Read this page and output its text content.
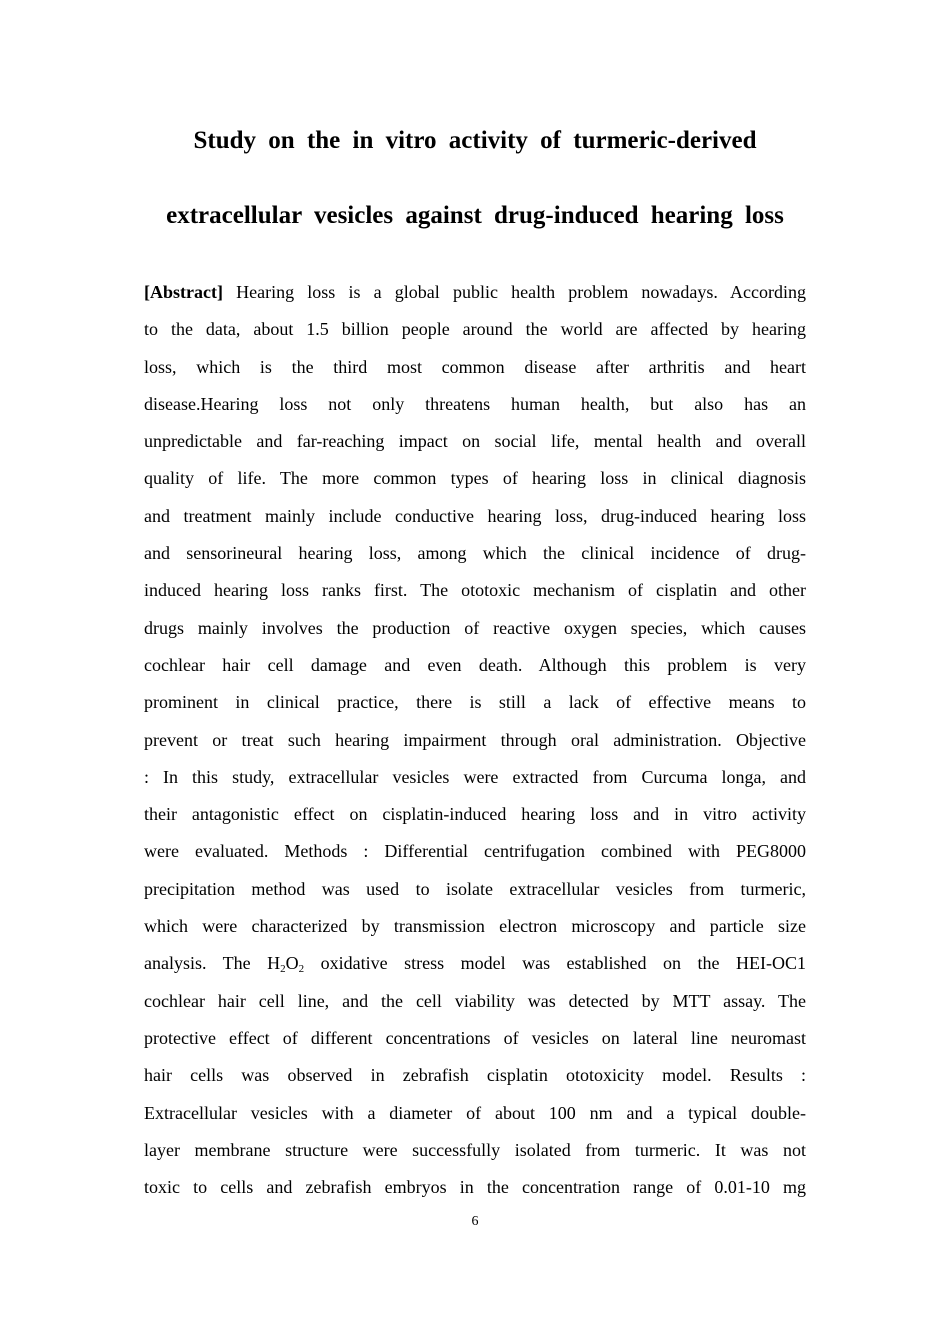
Study on the in vitro activity of turmeric-derived
extracellular vesicles against drug-induced hearing loss
[Abstract] Hearing loss is a global public health problem nowadays. According
to the data, about 1.5 billion people around the world are affected by hearing
loss, which is the third most common disease after arthritis and heart
disease.Hearing loss not only threatens human health, but also has an
unpredictable and far-reaching impact on social life, mental health and overall
quality of life. The more common types of hearing loss in clinical diagnosis
and treatment mainly include conductive hearing loss, drug-induced hearing loss
and sensorineural hearing loss, among which the clinical incidence of drug-
induced hearing loss ranks first. The ototoxic mechanism of cisplatin and other
drugs mainly involves the production of reactive oxygen species, which causes
cochlear hair cell damage and even death. Although this problem is very
prominent in clinical practice, there is still a lack of effective means to
prevent or treat such hearing impairment through oral administration. Objective
: In this study, extracellular vesicles were extracted from Curcuma longa, and
their antagonistic effect on cisplatin-induced hearing loss and in vitro activity
were evaluated. Methods : Differential centrifugation combined with PEG8000
precipitation method was used to isolate extracellular vesicles from turmeric,
which were characterized by transmission electron microscopy and particle size
analysis. The $H_2O_2$ oxidative stress model was established on the HEI-OC1
cochlear hair cell line, and the cell viability was detected by MTT assay. The
protective effect of different concentrations of vesicles on lateral line neuromast
hair cells was observed in zebrafish cisplatin ototoxicity model. Results :
Extracellular vesicles with a diameter of about 100 nm and a typical double-
layer membrane structure were successfully isolated from turmeric. It was not
toxic to cells and zebrafish embryos in the concentration range of 0.01-10 mg
6
